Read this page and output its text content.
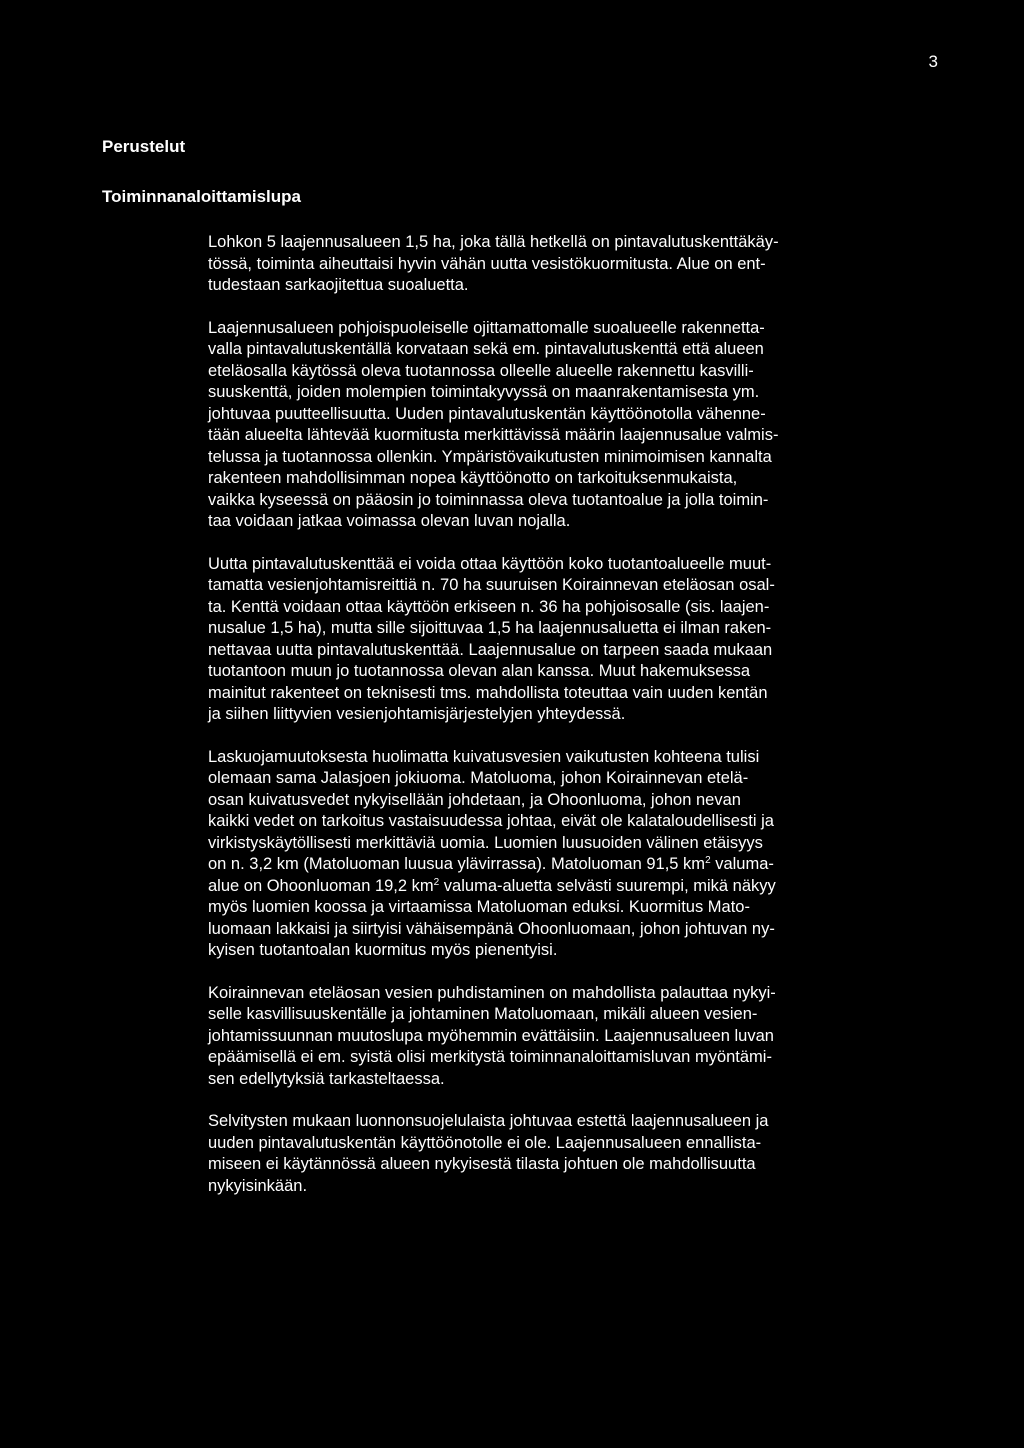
3
Perustelut
Toiminnanaloittamislupa

Lohkon 5 laajennusalueen 1,5 ha, joka tällä hetkellä on pintavalutuskenttäkäy-
tössä, toiminta aiheuttaisi hyvin vähän uutta vesistökuormitusta. Alue on ent-
tudestaan sarkaojitettua suoaluetta.

Laajennusalueen pohjoispuoleiselle ojittamattomalle suoalueelle rakennetta-
valla pintavalutuskentällä korvataan sekä em. pintavalutuskenttä että alueen
eteläosalla käytössä oleva tuotannossa olleelle alueelle rakennettu kasvilli-
suuskenttä, joiden molempien toimintakyvyssä on maanrakentamisesta ym.
johtuvaa puutteellisuutta. Uuden pintavalutuskentän käyttöönotolla vähenne-
tään alueelta lähtevää kuormitusta merkittävissä määrin laajennusalue valmis-
telussa ja tuotannossa ollenkin. Ympäristövaikutusten minimoimisen kannalta
rakenteen mahdollisimman nopea käyttöönotto on tarkoituksenmukaista,
vaikka kyseessä on pääosin jo toiminnassa oleva tuotantoalue ja jolla toimin-
taa voidaan jatkaa voimassa olevan luvan nojalla.

Uutta pintavalutuskenttää ei voida ottaa käyttöön koko tuotantoalueelle muut-
tamatta vesienjohtamisreittiä n. 70 ha suuruisen Koirainnevan eteläosan osal-
ta. Kenttä voidaan ottaa käyttöön erkiseen n. 36 ha pohjoisosalle (sis. laajen-
nusalue 1,5 ha), mutta sille sijoittuvaa 1,5 ha laajennusaluetta ei ilman raken-
nettavaa uutta pintavalutuskenttää. Laajennusalue on tarpeen saada mukaan
tuotantoon muun jo tuotannossa olevan alan kanssa. Muut hakemuksessa
mainitut rakenteet on teknisesti tms. mahdollista toteuttaa vain uuden kentän
ja siihen liittyvien vesienjohtamisjärjestelyjen yhteydessä.

Laskuojamuutoksesta huolimatta kuivatusvesien vaikutusten kohteena tulisi
olemaan sama Jalasjoen jokiuoma. Matoluoma, johon Koirainnevan etelä-
osan kuivatusvedet nykyisellään johdetaan, ja Ohoonluoma, johon nevan
kaikki vedet on tarkoitus vastaisuudessa johtaa, eivät ole kalataloudellisesti ja
virkistyskäytöllisesti merkittäviä uomia. Luomien luusuoiden välinen etäisyys
on n. 3,2 km (Matoluoman luusua ylävirrassa). Matoluoman 91,5 $km^2$ valuma-
alue on Ohoonluoman 19,2 $km^2$ valuma-aluetta selvästi suurempi, mikä näkyy
myös luomien koossa ja virtaamissa Matoluoman eduksi. Kuormitus Mato-
luomaan lakkaisi ja siirtyisi vähäisempänä Ohoonluomaan, johon johtuvan ny-
kyisen tuotantoalan kuormitus myös pienentyisi.

Koirainnevan eteläosan vesien puhdistaminen on mahdollista palauttaa nykyi-
selle kasvillisuuskentälle ja johtaminen Matoluomaan, mikäli alueen vesien-
johtamissuunnan muutoslupa myöhemmin evättäisiin. Laajennusalueen luvan
epäämisellä ei em. syistä olisi merkitystä toiminnanaloittamisluvan myöntämi-
sen edellytyksiä tarkasteltaessa.

Selvitysten mukaan luonnonsuojelulaista johtuvaa estettä laajennusalueen ja
uuden pintavalutuskentän käyttöönotolle ei ole. Laajennusalueen ennallista-
miseen ei käytännössä alueen nykyisestä tilasta johtuen ole mahdollisuutta
nykyisinkään.
